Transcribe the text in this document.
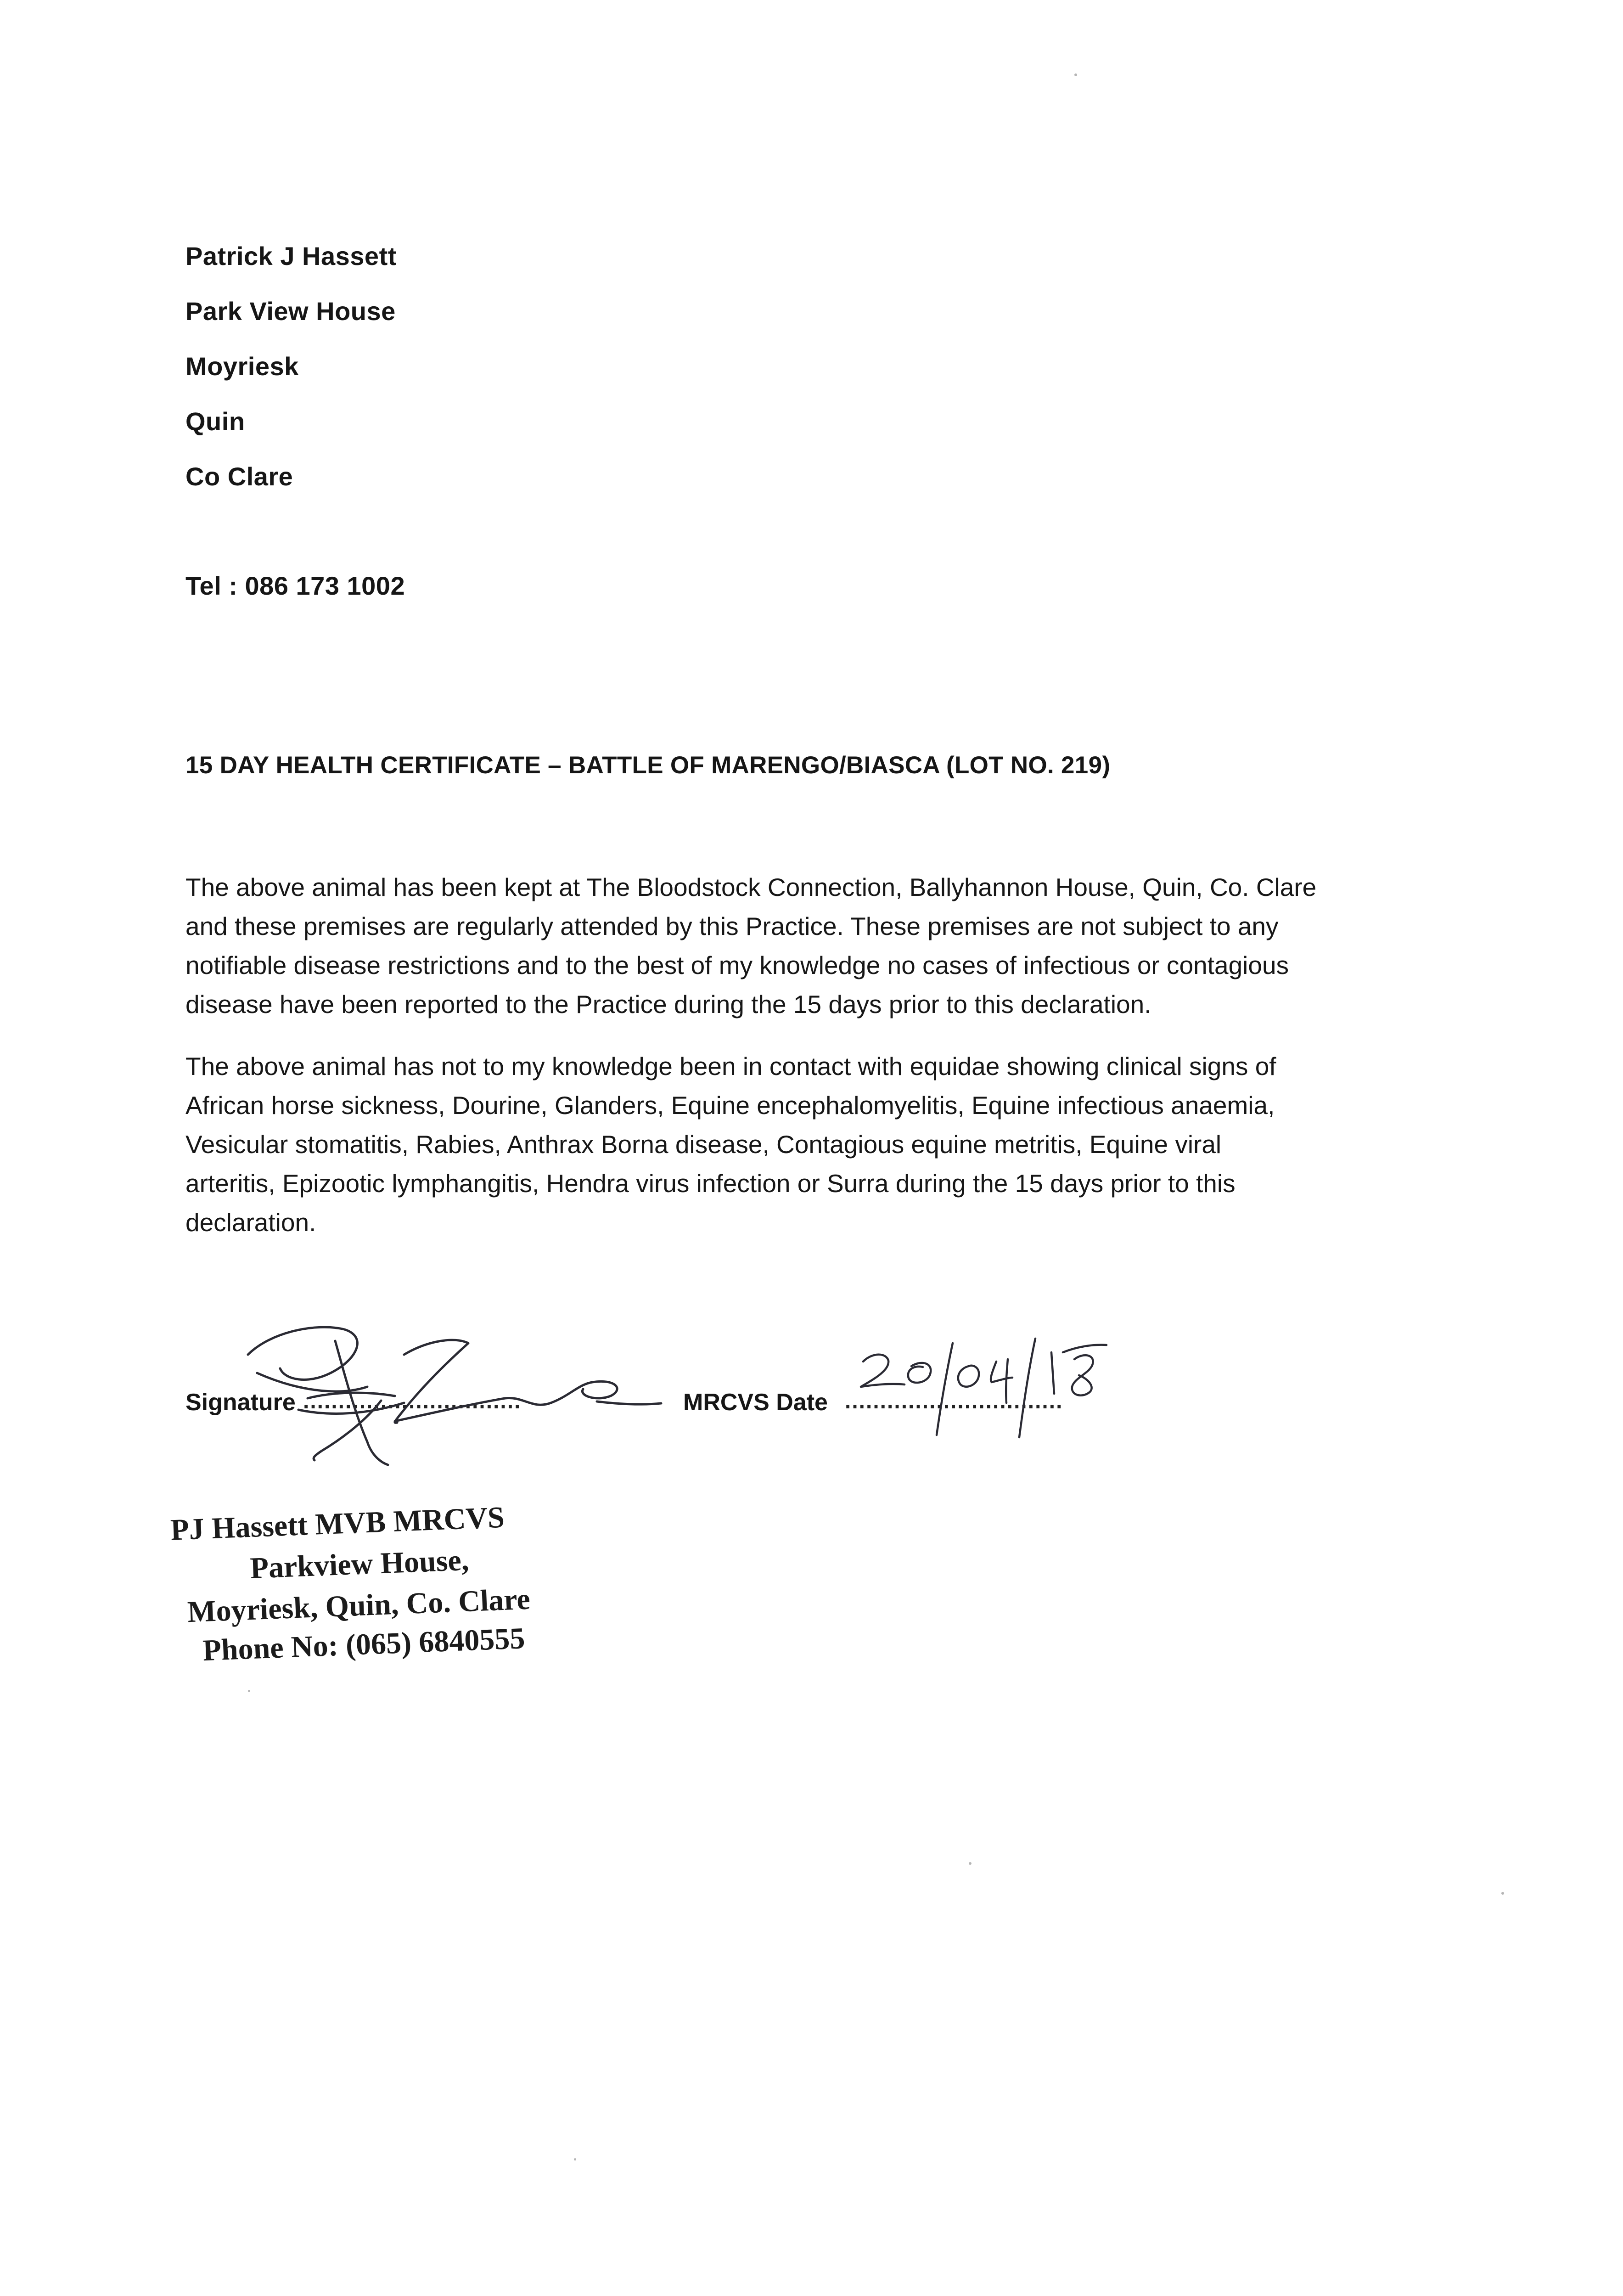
Patrick J Hassett
Park View House
Moyriesk
Quin
Co Clare
Tel : 086 173 1002
15 DAY HEALTH CERTIFICATE – BATTLE OF MARENGO/BIASCA (LOT NO. 219)
The above animal has been kept at The Bloodstock Connection, Ballyhannon House, Quin, Co. Clare
and these premises are regularly attended by this Practice. These premises are not subject to any
notifiable disease restrictions and to the best of my knowledge no cases of infectious or contagious
disease have been reported to the Practice during the 15 days prior to this declaration.
The above animal has not to my knowledge been in contact with equidae showing clinical signs of
African horse sickness, Dourine, Glanders, Equine encephalomyelitis, Equine infectious anaemia,
Vesicular stomatitis, Rabies, Anthrax Borna disease, Contagious equine metritis, Equine viral
arteritis, Epizootic lymphangitis, Hendra virus infection or Surra during the 15 days prior to this
declaration.
Signature ...............................	MRCVS Date ...............................
PJ Hassett MVB MRCVS
Parkview House,
Moyriesk, Quin, Co. Clare
Phone No: (065) 6840555
